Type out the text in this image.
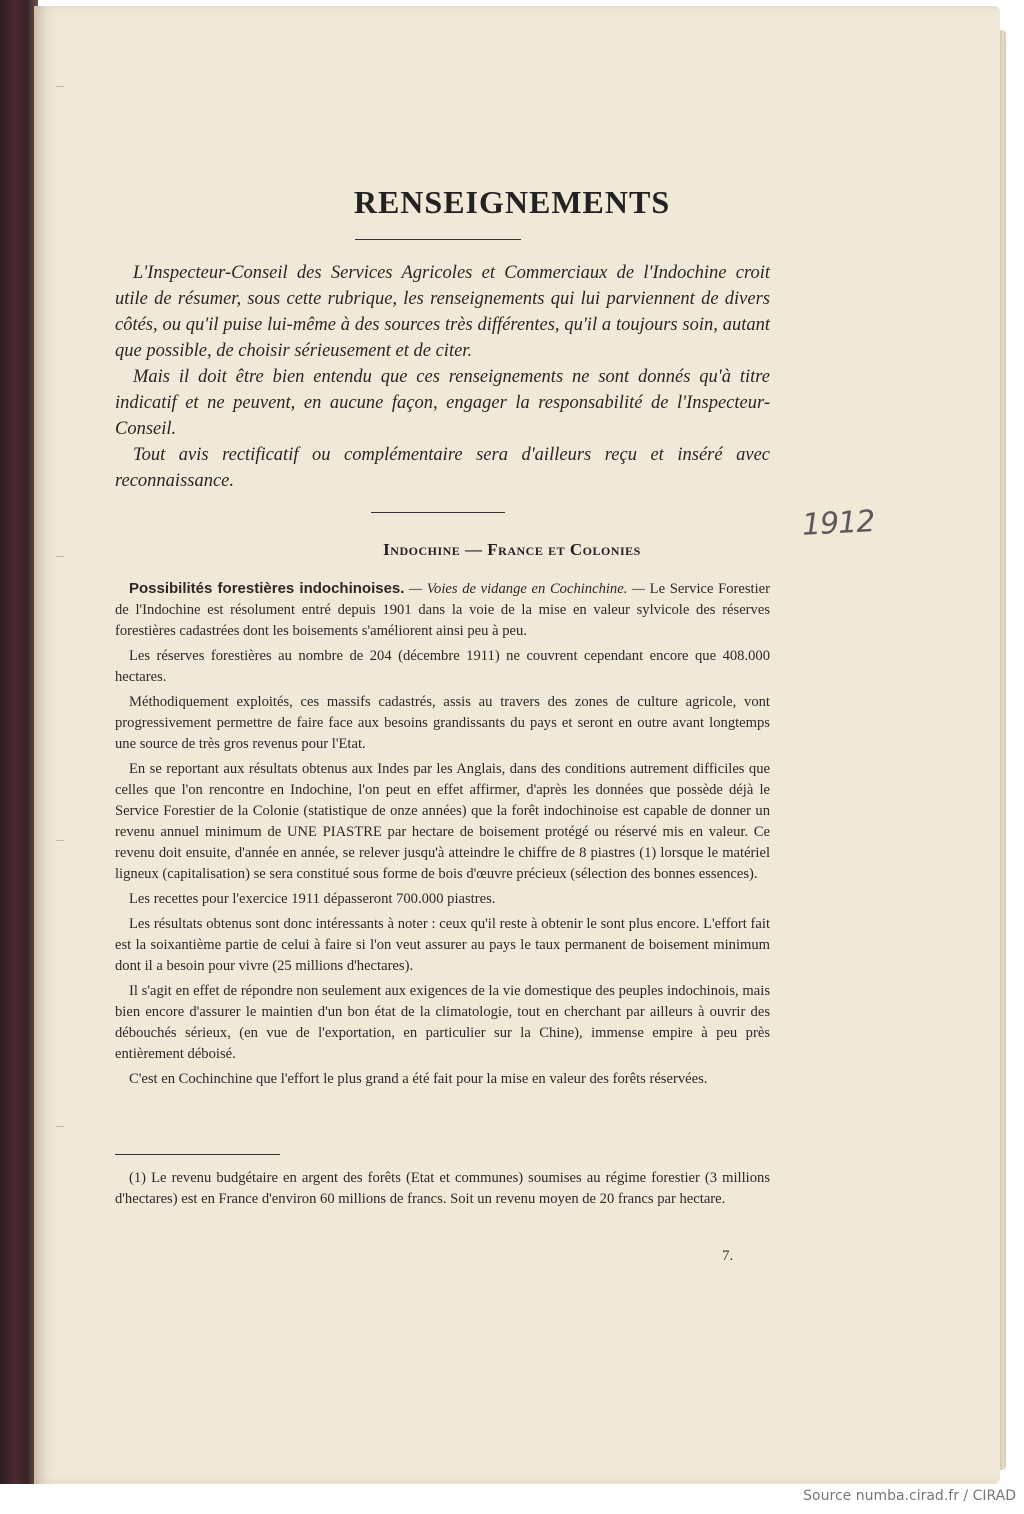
RENSEIGNEMENTS

L'Inspecteur-Conseil des Services Agricoles et Commerciaux de l'Indochine croit utile de résumer, sous cette rubrique, les renseignements qui lui parviennent de divers côtés, ou qu'il puise lui-même à des sources très différentes, qu'il a toujours soin, autant que possible, de choisir sérieusement et de citer.

Mais il doit être bien entendu que ces renseignements ne sont donnés qu'à titre indicatif et ne peuvent, en aucune façon, engager la responsabilité de l'Inspecteur-Conseil.

Tout avis rectificatif ou complémentaire sera d'ailleurs reçu et inséré avec reconnaissance.

1912
Indochine — France et Colonies

Possibilités forestières indochinoises. — Voies de vidange en Cochinchine. — Le Service Forestier de l'Indochine est résolument entré depuis 1901 dans la voie de la mise en valeur sylvicole des réserves forestières cadastrées dont les boisements s'améliorent ainsi peu à peu.

Les réserves forestières au nombre de 204 (décembre 1911) ne couvrent cependant encore que 408.000 hectares.

Méthodiquement exploités, ces massifs cadastrés, assis au travers des zones de culture agricole, vont progressivement permettre de faire face aux besoins grandissants du pays et seront en outre avant longtemps une source de très gros revenus pour l'Etat.

En se reportant aux résultats obtenus aux Indes par les Anglais, dans des conditions autrement difficiles que celles que l'on rencontre en Indochine, l'on peut en effet affirmer, d'après les données que possède déjà le Service Forestier de la Colonie (statistique de onze années) que la forêt indochinoise est capable de donner un revenu annuel minimum de UNE PIASTRE par hectare de boisement protégé ou réservé mis en valeur. Ce revenu doit ensuite, d'année en année, se relever jusqu'à atteindre le chiffre de 8 piastres (1) lorsque le matériel ligneux (capitalisation) se sera constitué sous forme de bois d'œuvre précieux (sélection des bonnes essences).

Les recettes pour l'exercice 1911 dépasseront 700.000 piastres.

Les résultats obtenus sont donc intéressants à noter : ceux qu'il reste à obtenir le sont plus encore. L'effort fait est la soixantième partie de celui à faire si l'on veut assurer au pays le taux permanent de boisement minimum dont il a besoin pour vivre (25 millions d'hectares).

Il s'agit en effet de répondre non seulement aux exigences de la vie domestique des peuples indochinois, mais bien encore d'assurer le maintien d'un bon état de la climatologie, tout en cherchant par ailleurs à ouvrir des débouchés sérieux, (en vue de l'exportation, en particulier sur la Chine), immense empire à peu près entièrement déboisé.

C'est en Cochinchine que l'effort le plus grand a été fait pour la mise en valeur des forêts réservées.

(1) Le revenu budgétaire en argent des forêts (Etat et communes) soumises au régime forestier (3 millions d'hectares) est en France d'environ 60 millions de francs. Soit un revenu moyen de 20 francs par hectare.

7.
Source numba.cirad.fr / CIRAD
